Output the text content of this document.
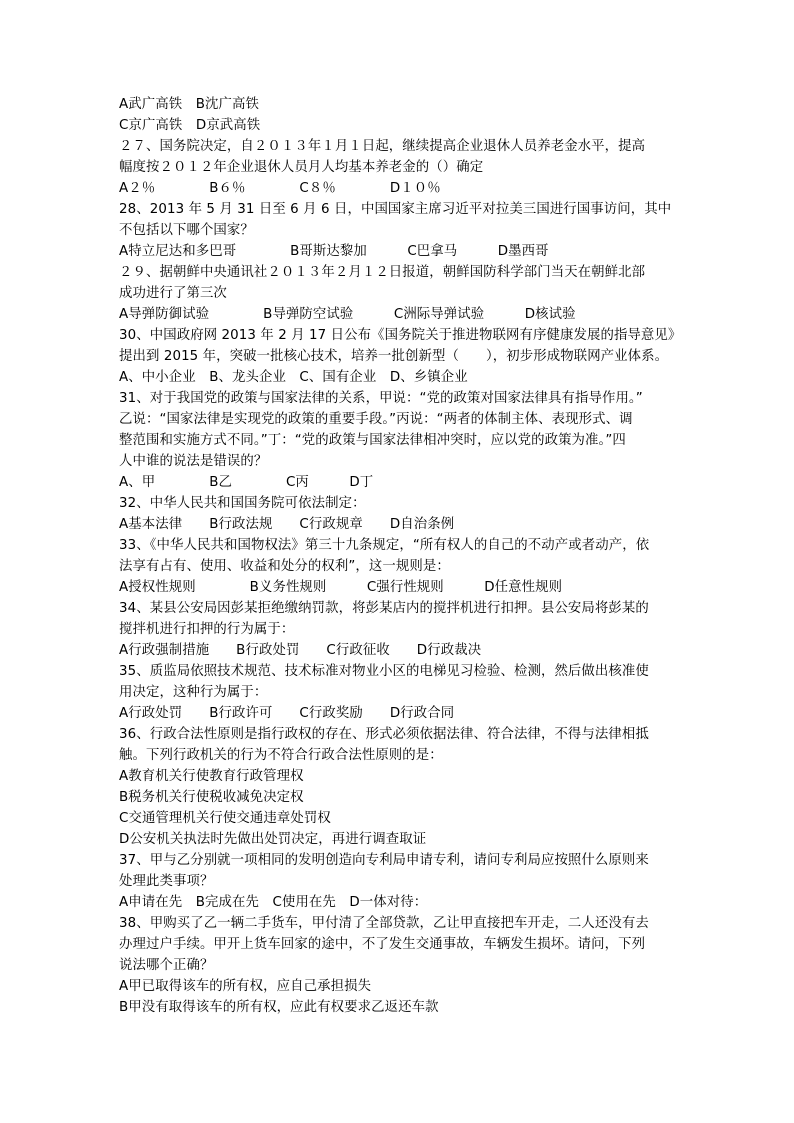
A武广高铁　B沈广高铁
C京广高铁　D京武高铁
２７、国务院决定，自２０１３年１月１日起，继续提高企业退休人员养老金水平，提高
幅度按２０１２年企业退休人员月人均基本养老金的（）确定
A２％　　　　B６％　　　　C８％　　　　D１０％
28、2013 年 5 月 31 日至 6 月 6 日，中国国家主席习近平对拉美三国进行国事访问，其中
不包括以下哪个国家？
A特立尼达和多巴哥　　　　B哥斯达黎加　　　C巴拿马　　　D墨西哥
２９、据朝鲜中央通讯社２０１３年２月１２日报道，朝鲜国防科学部门当天在朝鲜北部
成功进行了第三次
A导弹防御试验　　　　B导弹防空试验　　　C洲际导弹试验　　　D核试验
30、中国政府网 2013 年 2 月 17 日公布《国务院关于推进物联网有序健康发展的指导意见》
提出到 2015 年，突破一批核心技术，培养一批创新型（　　），初步形成物联网产业体系。
A、中小企业　B、龙头企业　C、国有企业　D、乡镇企业
31、对于我国党的政策与国家法律的关系，甲说：“党的政策对国家法律具有指导作用。”
乙说：“国家法律是实现党的政策的重要手段。”丙说：“两者的体制主体、表现形式、调
整范围和实施方式不同。”丁：“党的政策与国家法律相冲突时，应以党的政策为准。”四
人中谁的说法是错误的？
A、甲　　　　B乙　　　　C丙　　　D丁
32、中华人民共和国国务院可依法制定：
A基本法律　　B行政法规　　C行政规章　　D自治条例
33、《中华人民共和国物权法》第三十九条规定，“所有权人的自己的不动产或者动产，依
法享有占有、使用、收益和处分的权利”，这一规则是：
A授权性规则　　　　B义务性规则　　　C强行性规则　　　D任意性规则
34、某县公安局因彭某拒绝缴纳罚款，将彭某店内的搅拌机进行扣押。县公安局将彭某的
搅拌机进行扣押的行为属于：
A行政强制措施　　B行政处罚　　C行政征收　　D行政裁决
35、质监局依照技术规范、技术标准对物业小区的电梯见习检验、检测，然后做出核准使
用决定，这种行为属于：
A行政处罚　　B行政许可　　C行政奖励　　D行政合同
36、行政合法性原则是指行政权的存在、形式必须依据法律、符合法律，不得与法律相抵
触。下列行政机关的行为不符合行政合法性原则的是：
A教育机关行使教育行政管理权
B税务机关行使税收减免决定权
C交通管理机关行使交通违章处罚权
D公安机关执法时先做出处罚决定，再进行调查取证
37、甲与乙分别就一项相同的发明创造向专利局申请专利，请问专利局应按照什么原则来
处理此类事项？
A申请在先　B完成在先　C使用在先　D一体对待：
38、甲购买了乙一辆二手货车，甲付清了全部贷款，乙让甲直接把车开走，二人还没有去
办理过户手续。甲开上货车回家的途中，不了发生交通事故，车辆发生损坏。请问，下列
说法哪个正确？
A甲已取得该车的所有权，应自己承担损失
B甲没有取得该车的所有权，应此有权要求乙返还车款
